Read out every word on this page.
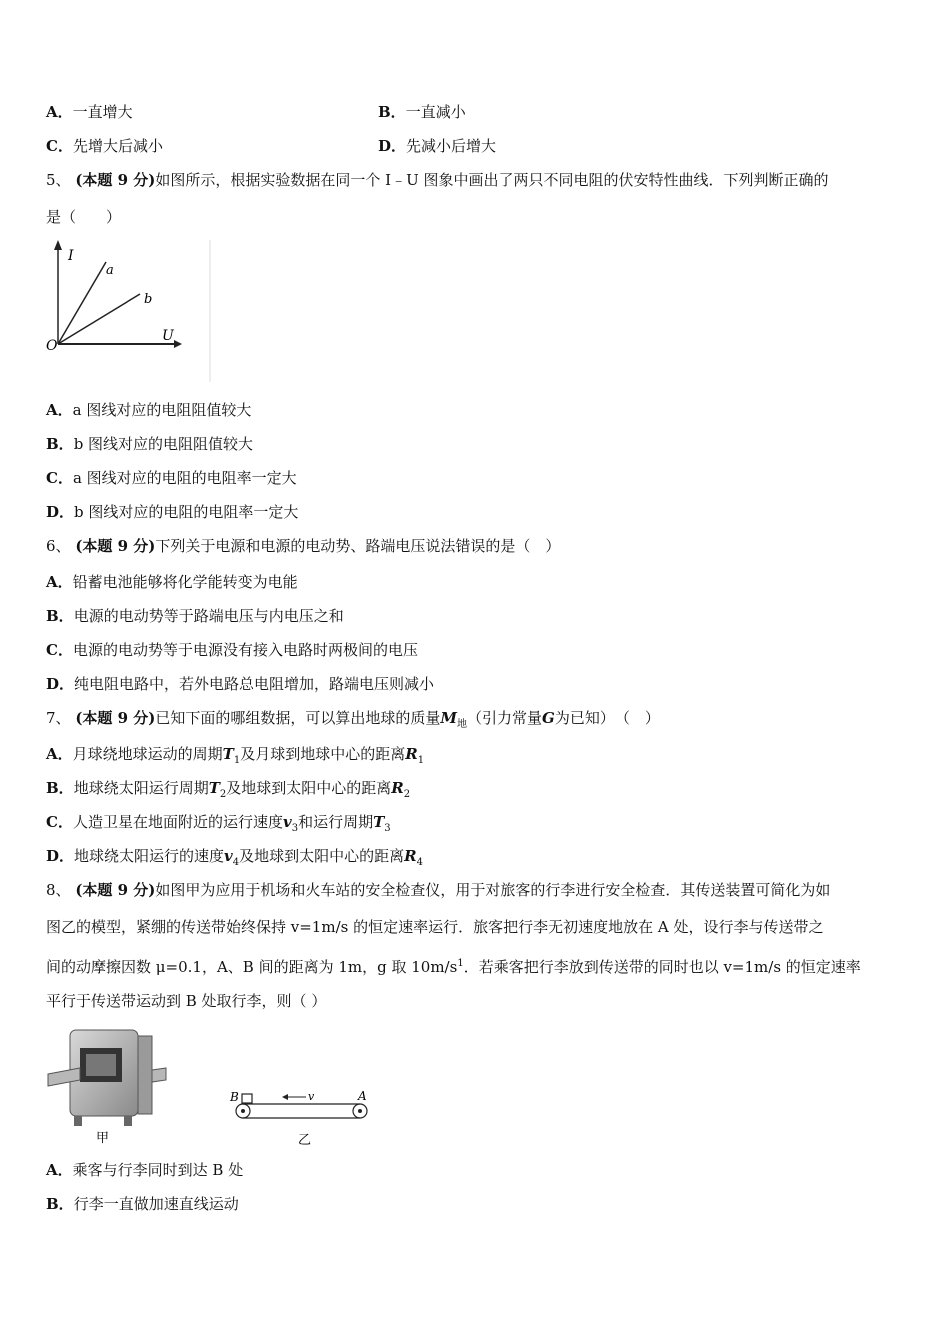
A．一直增大	B．一直减小
C．先增大后减小	D．先减小后增大
5、 (本题 9 分)如图所示，根据实验数据在同一个 I﹣U 图象中画出了两只不同电阻的伏安特性曲线．下列判断正确的
是（　　）
I
U
O
a
b
A．a 图线对应的电阻阻值较大
B．b 图线对应的电阻阻值较大
C．a 图线对应的电阻的电阻率一定大
D．b 图线对应的电阻的电阻率一定大
6、 (本题 9 分)下列关于电源和电源的电动势、路端电压说法错误的是（　）
A．铅蓄电池能够将化学能转变为电能
B．电源的电动势等于路端电压与内电压之和
C．电源的电动势等于电源没有接入电路时两极间的电压
D．纯电阻电路中，若外电路总电阻增加，路端电压则减小
7、 (本题 9 分)已知下面的哪组数据，可以算出地球的质量$M_地$（引力常量G为已知）　（　）
A．月球绕地球运动的周期$T_1$及月球到地球中心的距离$R_1$
B．地球绕太阳运行周期$T_2$及地球到太阳中心的距离$R_2$
C．人造卫星在地面附近的运行速度$v_3$和运行周期$T_3$
D．地球绕太阳运行的速度$v_4$及地球到太阳中心的距离$R_4$
8、 (本题 9 分)如图甲为应用于机场和火车站的安全检查仪，用于对旅客的行李进行安全检查．其传送装置可简化为如
图乙的模型，紧绷的传送带始终保持 v=1m/s 的恒定速率运行．旅客把行李无初速度地放在 A 处，设行李与传送带之
间的动摩擦因数 μ=0.1，A、B 间的距离为 1m，g 取 $10m/s^1$．若乘客把行李放到传送带的同时也以 v=1m/s 的恒定速率
平行于传送带运动到 B 处取行李，则（ ）
甲
v
B	A
乙
A．乘客与行李同时到达 B 处
B．行李一直做加速直线运动
